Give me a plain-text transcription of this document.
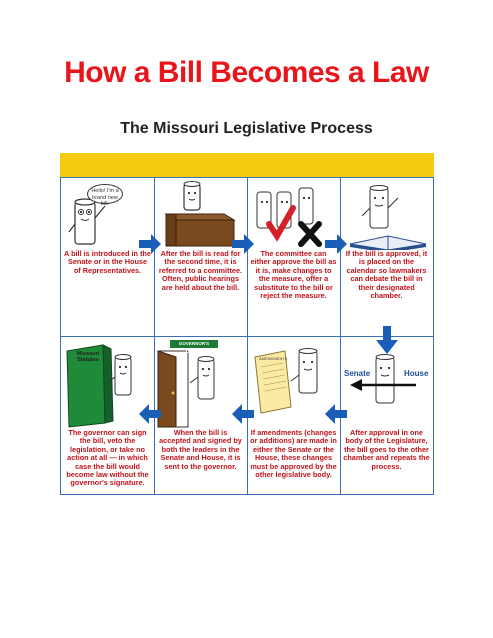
How a Bill Becomes a Law
The Missouri Legislative Process
Hello! I'm a brand new bill.
A bill is introduced in the Senate or in the House of Representatives.
After the bill is read for the second time, it is referred to a committee. Often, public hearings are held about the bill.
The committee can either approve the bill as it is, make changes to the measure, offer a substitute to the bill or reject the measure.
If the bill is approved, it is placed on the calendar so lawmakers can debate the bill in their designated chamber.
Missouri Statutes
The governor can sign the bill, veto the legislation, or take no action at all — in which case the bill would become law without the governor's signature.
GOVERNOR'S OFFICE
When the bill is accepted and signed by both the leaders in the Senate and House, it is sent to the governor.
AMENDMENTS
If amendments (changes or additions) are made in either the Senate or the House, these changes must be approved by the other legislative body.
Senate	House
After approval in one body of the Legislature, the bill goes to the other chamber and repeats the process.
